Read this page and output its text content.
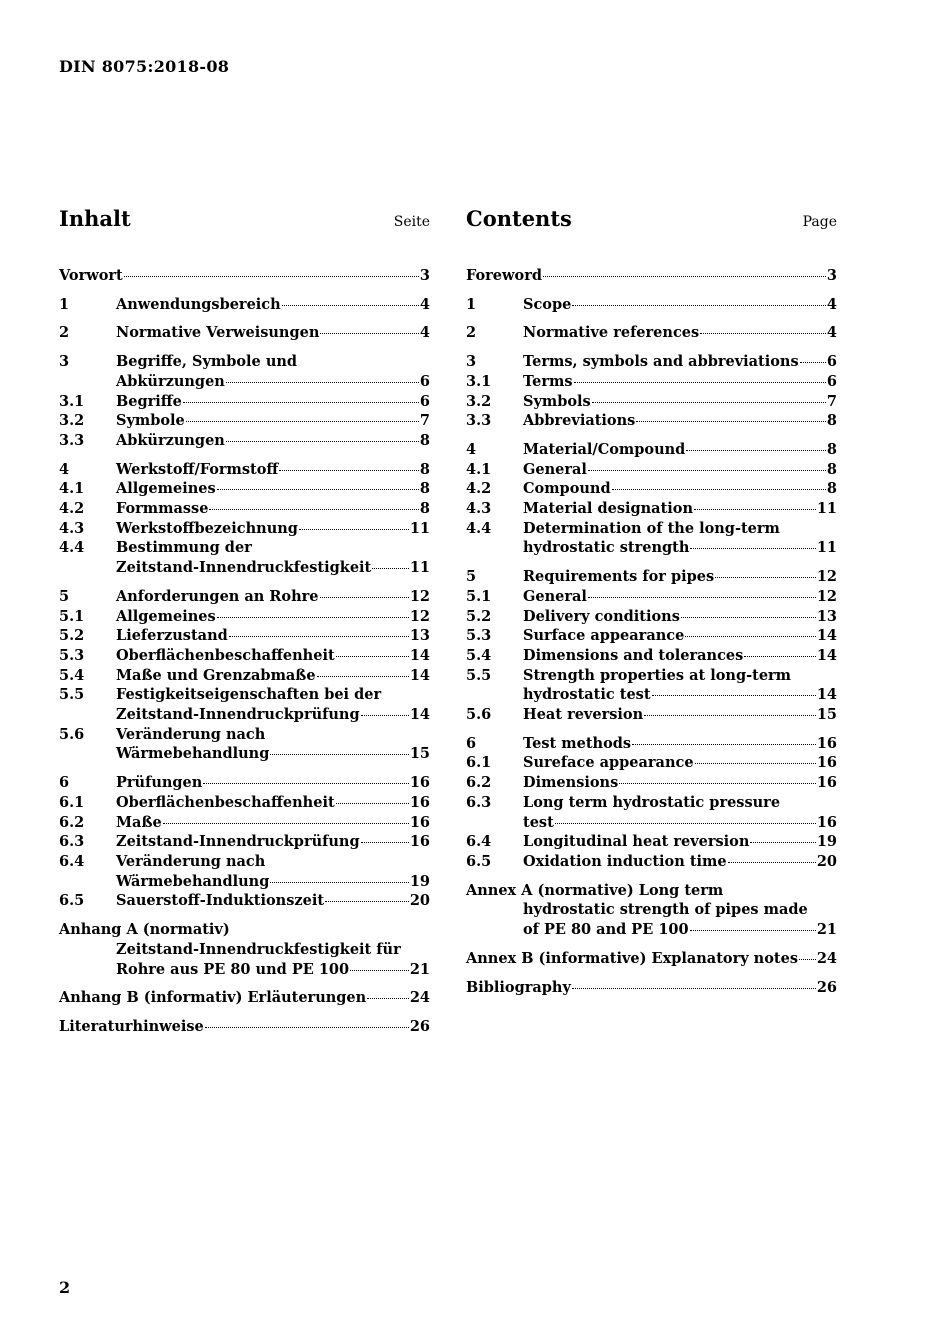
DIN 8075:2018-08
Inhalt	Seite
Vorwort	3
1	Anwendungsbereich	4
2	Normative Verweisungen	4
3	Begriffe, Symbole und
Abkürzungen	6
3.1	Begriffe	6
3.2	Symbole	7
3.3	Abkürzungen	8
4	Werkstoff/Formstoff	8
4.1	Allgemeines	8
4.2	Formmasse	8
4.3	Werkstoffbezeichnung	11
4.4	Bestimmung der
Zeitstand-Innendruckfestigkeit	11
5	Anforderungen an Rohre	12
5.1	Allgemeines	12
5.2	Lieferzustand	13
5.3	Oberflächenbeschaffenheit	14
5.4	Maße und Grenzabmaße	14
5.5	Festigkeitseigenschaften bei der
Zeitstand-Innendruckprüfung	14
5.6	Veränderung nach
Wärmebehandlung	15
6	Prüfungen	16
6.1	Oberflächenbeschaffenheit	16
6.2	Maße	16
6.3	Zeitstand-Innendruckprüfung	16
6.4	Veränderung nach
Wärmebehandlung	19
6.5	Sauerstoff-Induktionszeit	20
Anhang A (normativ)
Zeitstand-Innendruckfestigkeit für
Rohre aus PE 80 und PE 100	21
Anhang B (informativ) Erläuterungen	24
Literaturhinweise	26
Contents	Page
Foreword	3
1	Scope	4
2	Normative references	4
3	Terms, symbols and abbreviations 6
3.1	Terms	6
3.2	Symbols	7
3.3	Abbreviations	8
4	Material/Compound	8
4.1	General	8
4.2	Compound	8
4.3	Material designation	11
4.4	Determination of the long-term
hydrostatic strength	11
5	Requirements for pipes	12
5.1	General	12
5.2	Delivery conditions	13
5.3	Surface appearance	14
5.4	Dimensions and tolerances	14
5.5	Strength properties at long-term
hydrostatic test	14
5.6	Heat reversion	15
6	Test methods	16
6.1	Sureface appearance	16
6.2	Dimensions	16
6.3	Long term hydrostatic pressure
test	16
6.4	Longitudinal heat reversion	19
6.5	Oxidation induction time	20
Annex A (normative) Long term
hydrostatic strength of pipes made
of PE 80 and PE 100	21
Annex B (informative) Explanatory notes 24
Bibliography	26
2
